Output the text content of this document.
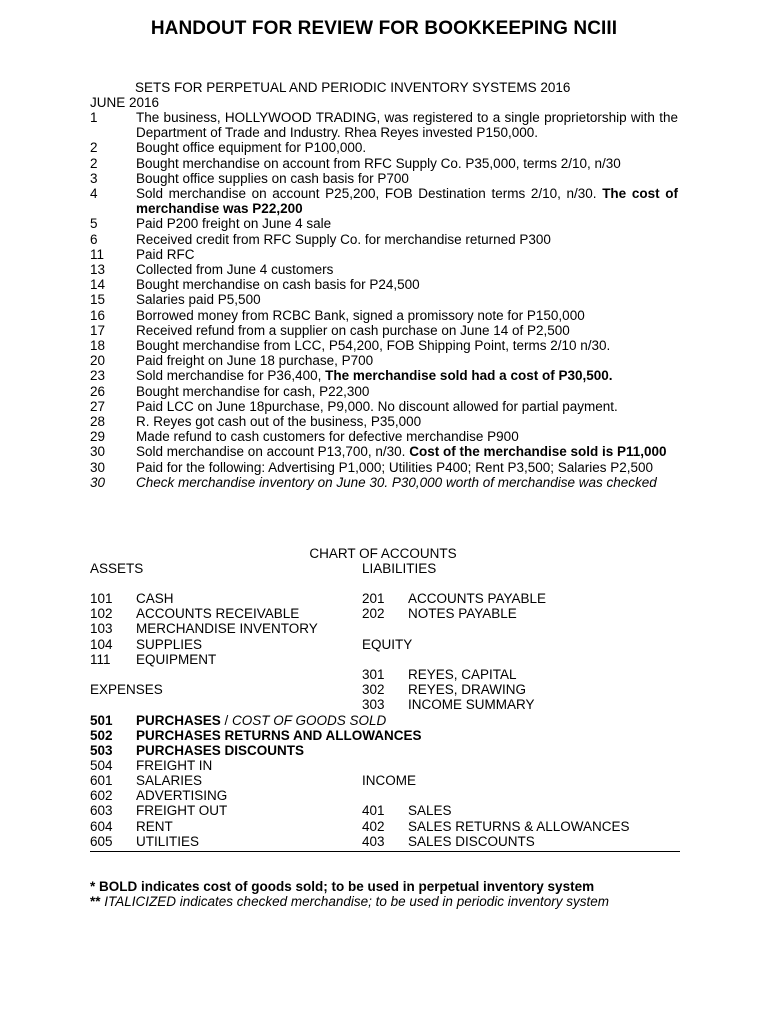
HANDOUT FOR REVIEW FOR BOOKKEEPING NCIII
SETS FOR PERPETUAL AND PERIODIC INVENTORY SYSTEMS 2016
JUNE 2016
1	The business, HOLLYWOOD TRADING, was registered to a single proprietorship with the Department of Trade and Industry. Rhea Reyes invested P150,000.
2	Bought office equipment for P100,000.
2	Bought merchandise on account from RFC Supply Co. P35,000, terms 2/10, n/30
3	Bought office supplies on cash basis for P700
4	Sold merchandise on account P25,200, FOB Destination terms 2/10, n/30. The cost of merchandise was P22,200
5	Paid P200 freight on June 4 sale
6	Received credit from RFC Supply Co. for merchandise returned P300
11	Paid RFC
13	Collected from June 4 customers
14	Bought merchandise on cash basis for P24,500
15	Salaries paid P5,500
16	Borrowed money from RCBC Bank, signed a promissory note for P150,000
17	Received refund from a supplier on cash purchase on June 14 of P2,500
18	Bought merchandise from LCC, P54,200, FOB Shipping Point, terms 2/10 n/30.
20	Paid freight on June 18 purchase, P700
23	Sold merchandise for P36,400, The merchandise sold had a cost of P30,500.
26	Bought merchandise for cash, P22,300
27	Paid LCC on June 18purchase, P9,000. No discount allowed for partial payment.
28	R. Reyes got cash out of the business, P35,000
29	Made refund to cash customers for defective merchandise P900
30	Sold merchandise on account P13,700, n/30. Cost of the merchandise sold is P11,000
30	Paid for the following: Advertising P1,000; Utilities P400; Rent P3,500; Salaries P2,500
30	Check merchandise inventory on June 30. P30,000 worth of merchandise was checked
CHART OF ACCOUNTS
ASSETS
101 CASH
102 ACCOUNTS RECEIVABLE
103 MERCHANDISE INVENTORY
104 SUPPLIES
111 EQUIPMENT
EXPENSES
501 PURCHASES / COST OF GOODS SOLD
502 PURCHASES RETURNS AND ALLOWANCES
503 PURCHASES DISCOUNTS
504 FREIGHT IN
601 SALARIES
602 ADVERTISING
603 FREIGHT OUT
604 RENT
605 UTILITIES
LIABILITIES
201 ACCOUNTS PAYABLE
202 NOTES PAYABLE
EQUITY
301 REYES, CAPITAL
302 REYES, DRAWING
303 INCOME SUMMARY
INCOME
401 SALES
402 SALES RETURNS & ALLOWANCES
403 SALES DISCOUNTS
* BOLD indicates cost of goods sold; to be used in perpetual inventory system
** ITALICIZED indicates checked merchandise; to be used in periodic inventory system
